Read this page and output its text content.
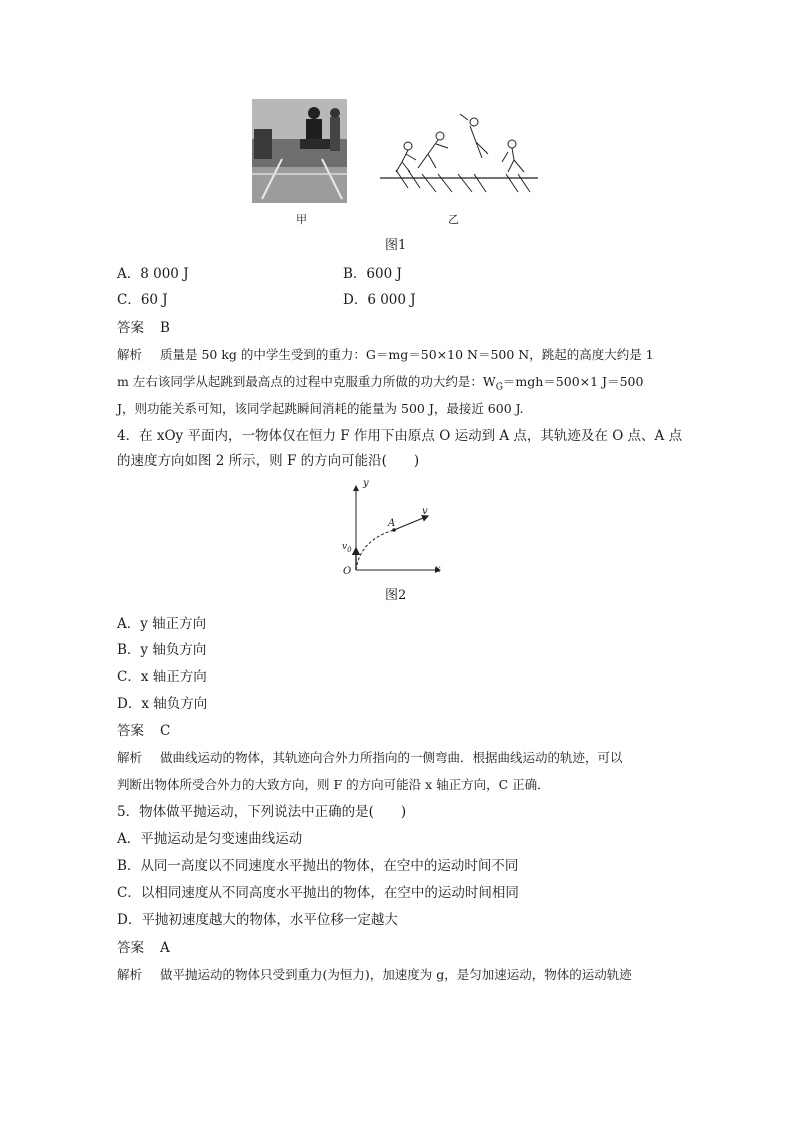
甲	乙
图1
A．8 000 J	B．600 J
C．60 J	D．6 000 J
答案 B
解析 质量是 50 kg 的中学生受到的重力：G＝mg＝50×10 N＝500 N，跳起的高度大约是 1
m 左右该同学从起跳到最高点的过程中克服重力所做的功大约是：$W_G=mgh=500\times 1$ J＝500
J，则功能关系可知，该同学起跳瞬间消耗的能量为 500 J，最接近 600 J.
4．在 xOy 平面内，一物体仅在恒力 F 作用下由原点 O 运动到 A 点，其轨迹及在 O 点、A 点
的速度方向如图 2 所示，则 F 的方向可能沿(　　)
y
x
O
A
v
$v_0$
图2
A．y 轴正方向
B．y 轴负方向
C．x 轴正方向
D．x 轴负方向
答案 C
解析 做曲线运动的物体，其轨迹向合外力所指向的一侧弯曲．根据曲线运动的轨迹，可以
判断出物体所受合外力的大致方向，则 F 的方向可能沿 x 轴正方向，C 正确．
5．物体做平抛运动，下列说法中正确的是(　　)
A．平抛运动是匀变速曲线运动
B．从同一高度以不同速度水平抛出的物体，在空中的运动时间不同
C．以相同速度从不同高度水平抛出的物体，在空中的运动时间相同
D．平抛初速度越大的物体，水平位移一定越大
答案 A
解析 做平抛运动的物体只受到重力(为恒力)，加速度为 g，是匀加速运动，物体的运动轨迹
